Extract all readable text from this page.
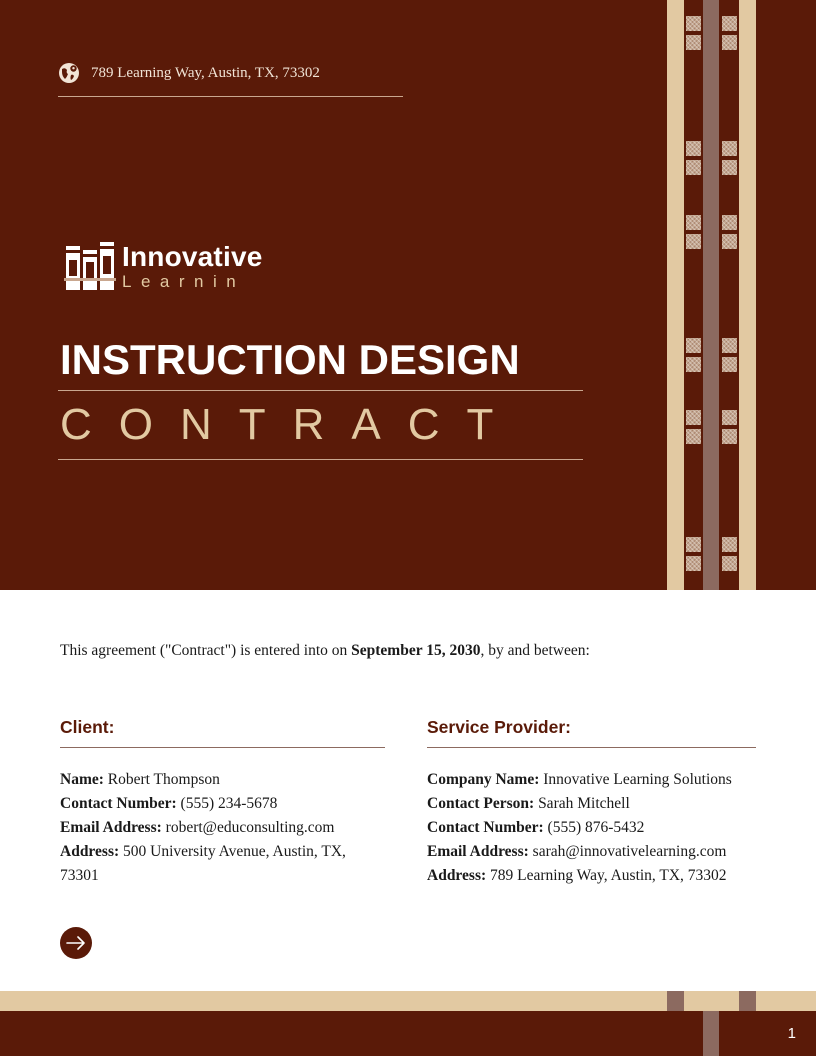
789 Learning Way, Austin, TX, 73302
Innovative
Learnin
INSTRUCTION DESIGN
CONTRACT
This agreement ("Contract") is entered into on September 15, 2030, by and between:
Client:
Name: Robert Thompson
Contact Number: (555) 234-5678
Email Address: robert@educonsulting.com
Address: 500 University Avenue, Austin, TX, 73301
Service Provider:
Company Name: Innovative Learning Solutions
Contact Person: Sarah Mitchell
Contact Number: (555) 876-5432
Email Address: sarah@innovativelearning.com
Address: 789 Learning Way, Austin, TX, 73302
1
